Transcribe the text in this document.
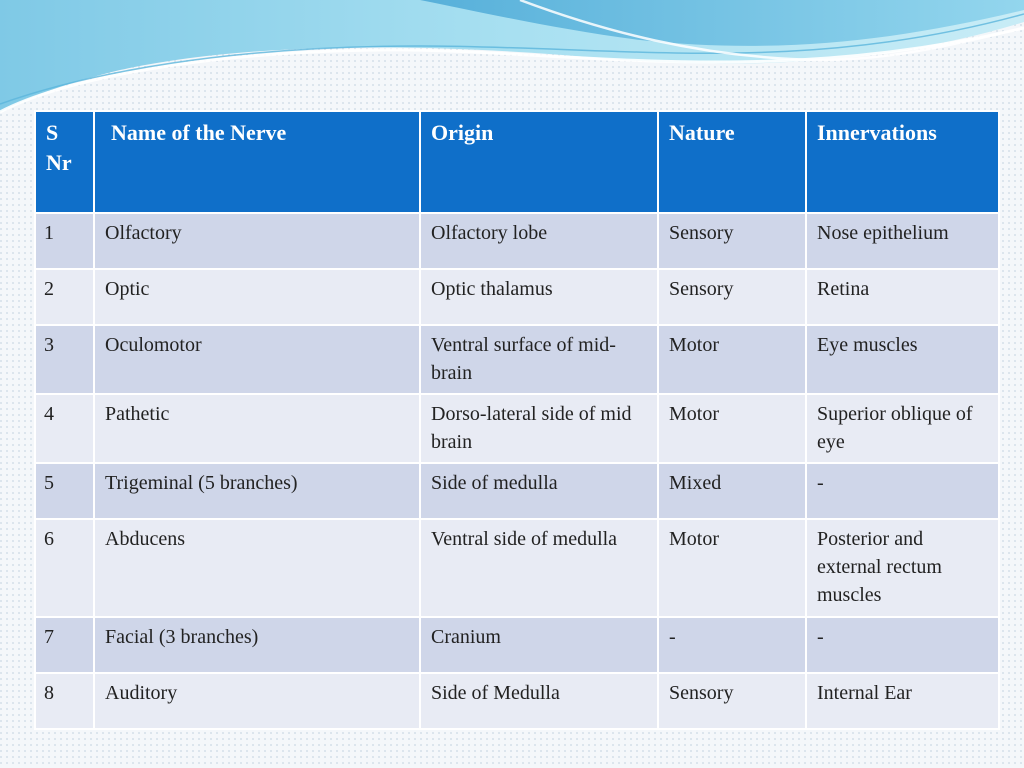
S Nr	Name of the Nerve	Origin	Nature	Innervations
1	Olfactory	Olfactory lobe	Sensory	Nose epithelium
2	Optic	Optic thalamus	Sensory	Retina
3	Oculomotor	Ventral surface of mid-brain	Motor	Eye muscles
4	Pathetic	Dorso-lateral side of mid brain	Motor	Superior oblique of eye
5	Trigeminal (5 branches)	Side of medulla	Mixed	-
6	Abducens	Ventral side of medulla	Motor	Posterior and external rectum muscles
7	Facial (3 branches)	Cranium	-	-
8	Auditory	Side of Medulla	Sensory	Internal Ear
